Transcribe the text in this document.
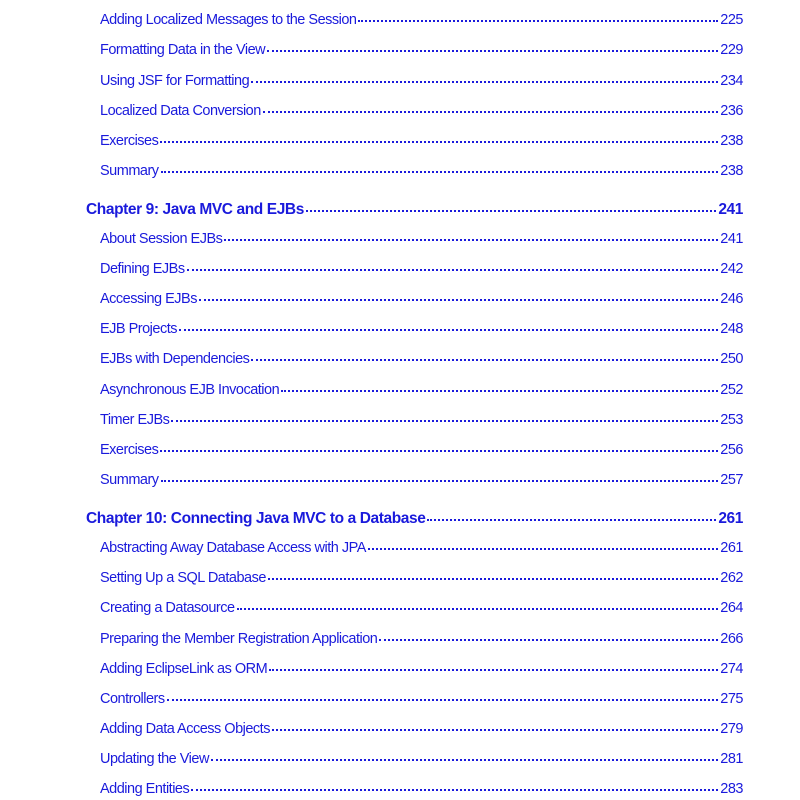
Adding Localized Messages to the Session	225
Formatting Data in the View	229
Using JSF for Formatting	234
Localized Data Conversion	236
Exercises	238
Summary	238
Chapter 9: Java MVC and EJBs	241
About Session EJBs	241
Defining EJBs	242
Accessing EJBs	246
EJB Projects	248
EJBs with Dependencies	250
Asynchronous EJB Invocation	252
Timer EJBs	253
Exercises	256
Summary	257
Chapter 10: Connecting Java MVC to a Database	261
Abstracting Away Database Access with JPA	261
Setting Up a SQL Database	262
Creating a Datasource	264
Preparing the Member Registration Application	266
Adding EclipseLink as ORM	274
Controllers	275
Adding Data Access Objects	279
Updating the View	281
Adding Entities	283
